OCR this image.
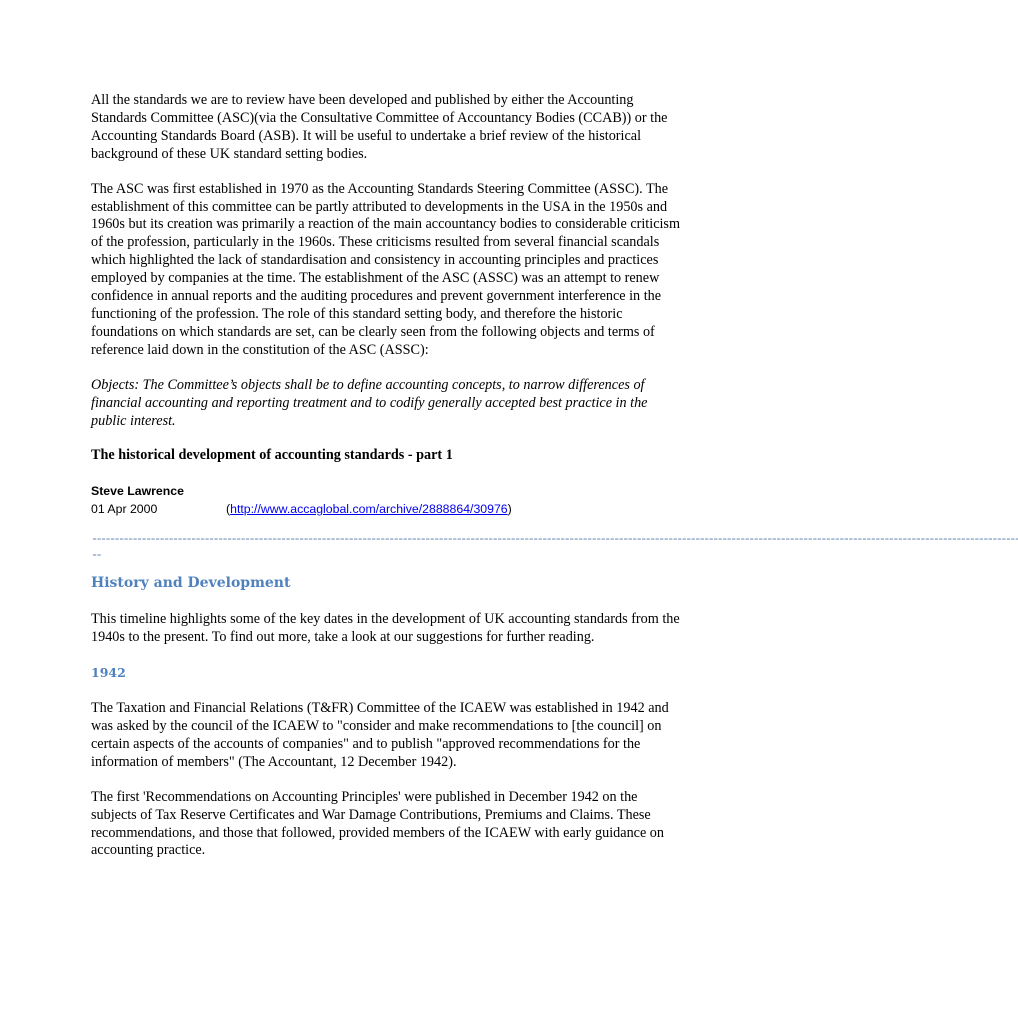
All the standards we are to review have been developed and published by either the Accounting Standards Committee (ASC)(via the Consultative Committee of Accountancy Bodies (CCAB)) or the Accounting Standards Board (ASB). It will be useful to undertake a brief review of the historical background of these UK standard setting bodies.

The ASC was first established in 1970 as the Accounting Standards Steering Committee (ASSC). The establishment of this committee can be partly attributed to developments in the USA in the 1950s and 1960s but its creation was primarily a reaction of the main accountancy bodies to considerable criticism of the profession, particularly in the 1960s. These criticisms resulted from several financial scandals which highlighted the lack of standardisation and consistency in accounting principles and practices employed by companies at the time. The establishment of the ASC (ASSC) was an attempt to renew confidence in annual reports and the auditing procedures and prevent government interference in the functioning of the profession. The role of this standard setting body, and therefore the historic foundations on which standards are set, can be clearly seen from the following objects and terms of reference laid down in the constitution of the ASC (ASSC):

Objects: The Committee’s objects shall be to define accounting concepts, to narrow differences of financial accounting and reporting treatment and to codify generally accepted best practice in the public interest.

The historical development of accounting standards - part 1

Steve Lawrence
01 Apr 2000	(http://www.accaglobal.com/archive/2888864/30976)
--------------------------------------------------------------------------------------------------------------------------------------------------------------------------------------------------------------
--
History and Development

This timeline highlights some of the key dates in the development of UK accounting standards from the 1940s to the present. To find out more, take a look at our suggestions for further reading.

1942

The Taxation and Financial Relations (T&FR) Committee of the ICAEW was established in 1942 and was asked by the council of the ICAEW to "consider and make recommendations to [the council] on certain aspects of the accounts of companies" and to publish "approved recommendations for the information of members" (The Accountant, 12 December 1942).

The first 'Recommendations on Accounting Principles' were published in December 1942 on the subjects of Tax Reserve Certificates and War Damage Contributions, Premiums and Claims. These recommendations, and those that followed, provided members of the ICAEW with early guidance on accounting practice.
